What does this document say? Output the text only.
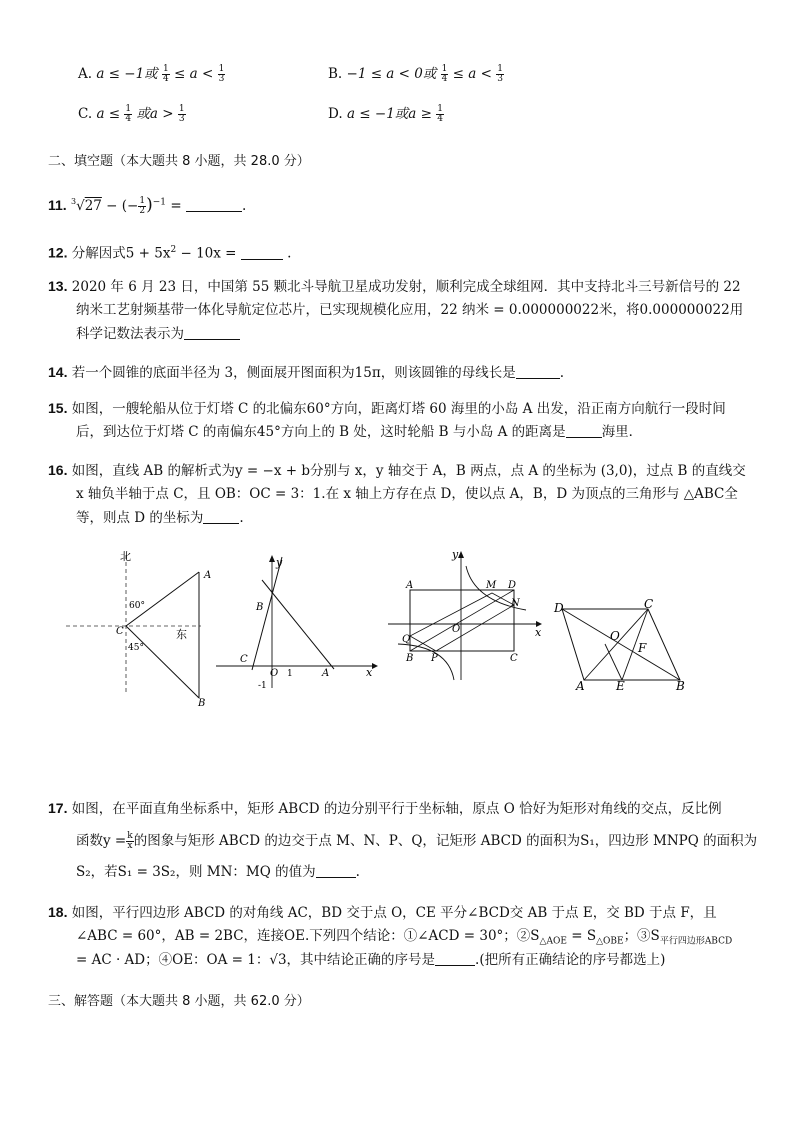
A. a ≤ −1或 $\frac{1}{4} \le a < \frac{1}{3}$	B. −1 ≤ a < 0或 $\frac{1}{4} \le a < \frac{1}{3}$
C. $a \le \frac{1}{4}$ 或$a > \frac{1}{3}$	D. a ≤ −1或$a \ge \frac{1}{4}$
二、填空题（本大题共 8 小题，共 28.0 分）
11. $^3$√27 − (− $\frac{1}{2} )^{-1}$ =	.
12. 分解因式$5 + 5x^2 - 10x$ =	.
13. 2020 年 6 月 23 日，中国第 55 颗北斗导航卫星成功发射，顺利完成全球组网．其中支持北斗三号新信号的 22
纳米工艺射频基带一体化导航定位芯片，已实现规模化应用，22 纳米 = 0.000000022米，将0.000000022用
科学记数法表示为
14. 若一个圆锥的底面半径为 3，侧面展开图面积为15π，则该圆锥的母线长是	.
15. 如图，一艘轮船从位于灯塔 C 的北偏东60°方向，距离灯塔 60 海里的小岛 A 出发，沿正南方向航行一段时间
后，到达位于灯塔 C 的南偏东45°方向上的 B 处，这时轮船 B 与小岛 A 的距离是	海里．
16. 如图，直线 AB 的解析式为y = −x + b分别与 x，y 轴交于 A，B 两点，点 A 的坐标为 (3,0)，过点 B 的直线交
x 轴负半轴于点 C，且 OB：OC = 3：1.在 x 轴上方存在点 D，使以点 A，B，D 为顶点的三角形与 △ABC全
等，则点 D 的坐标为	.
北
东
60°
45°
A
B
C
y
x
B
C
O 1	A
-1
y
x
A	M D
N
O
Q
B P	C
D	C
O
F
A	E	B
17. 如图，在平面直角坐标系中，矩形 ABCD 的边分别平行于坐标轴，原点 O 恰好为矩形对角线的交点，反比例
函数$y = \frac{k}{x}$ 的图象与矩形 ABCD 的边交于点 M、N、P、Q，记矩形 ABCD 的面积为S₁，四边形 MNPQ 的面积为
S₂，若S₁ = 3S₂，则 MN：MQ 的值为	.
18. 如图，平行四边形 ABCD 的对角线 AC，BD 交于点 O，CE 平分∠BCD交 AB 于点 E，交 BD 于点 F，且
∠ABC = 60°，AB = 2BC，连接OE.下列四个结论：①∠ACD = 30°；$②S_{\triangle AOE} = S_{\triangle OBE}$；$③S_{平行四边形ABCD}$
= AC · AD；④OE：OA = 1：√3，其中结论正确的序号是	.(把所有正确结论的序号都选上)
三、解答题（本大题共 8 小题，共 62.0 分）
